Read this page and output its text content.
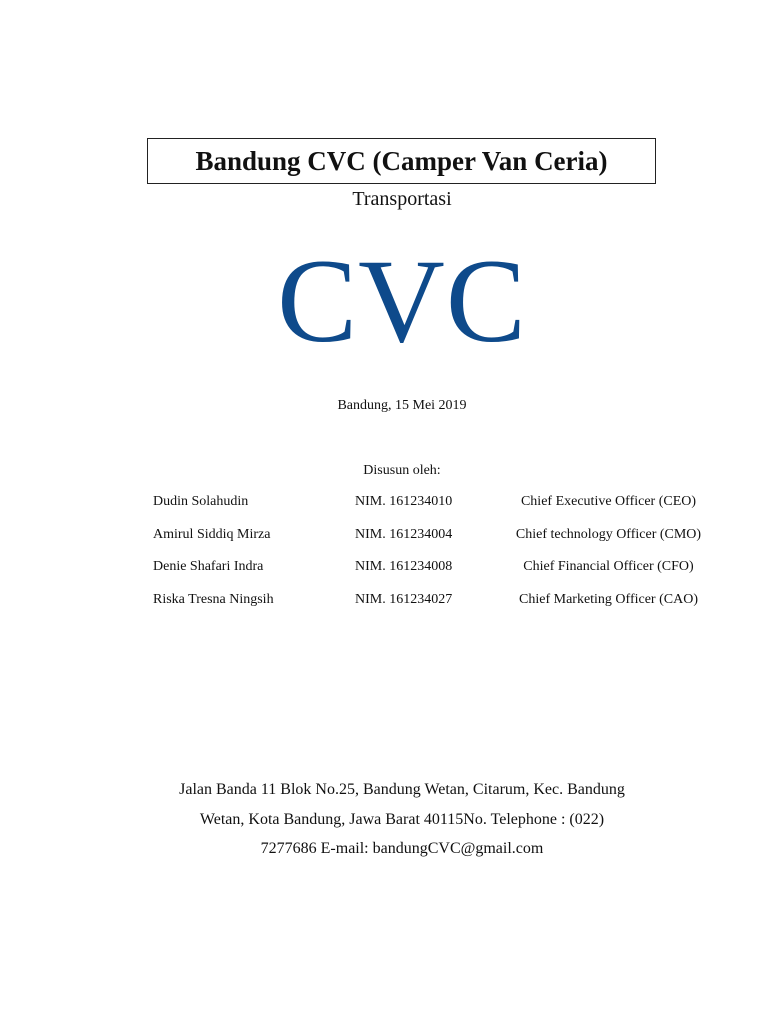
Bandung CVC (Camper Van Ceria)
Transportasi
CVC
Bandung, 15 Mei 2019
Disusun oleh:
Dudin Solahudin	NIM. 161234010	Chief Executive Officer (CEO)
Amirul Siddiq Mirza	NIM. 161234004	Chief technology Officer (CMO)
Denie Shafari Indra	NIM. 161234008	Chief Financial Officer (CFO)
Riska Tresna Ningsih	NIM. 161234027	Chief Marketing Officer (CAO)
Jalan Banda 11 Blok No.25, Bandung Wetan, Citarum, Kec. Bandung
Wetan, Kota Bandung, Jawa Barat 40115No. Telephone : (022)
7277686 E-mail: bandungCVC@gmail.com
